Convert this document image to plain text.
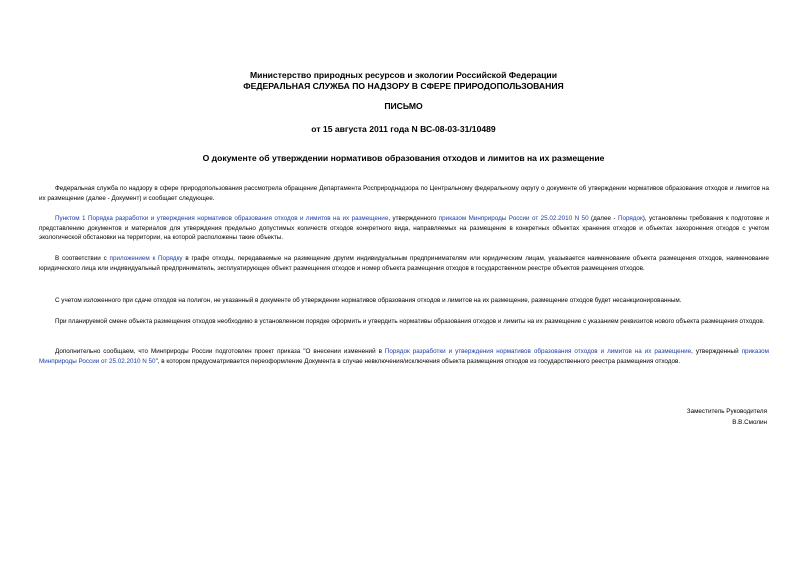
Министерство природных ресурсов и экологии Российской Федерации
ФЕДЕРАЛЬНАЯ СЛУЖБА ПО НАДЗОРУ В СФЕРЕ ПРИРОДОПОЛЬЗОВАНИЯ
ПИСЬМО
от 15 августа 2011 года N ВС-08-03-31/10489
О документе об утверждении нормативов образования отходов и лимитов на их размещение

Федеральная служба по надзору в сфере природопользования рассмотрела обращение Департамента Росприроднадзора по Центральному федеральному округу о документе об утверждении нормативов образования отходов и лимитов на их размещение (далее - Документ) и сообщает следующее.

Пунктом 1 Порядка разработки и утверждения нормативов образования отходов и лимитов на их размещение, утвержденного приказом Минприроды России от 25.02.2010 N 50 (далее - Порядок), установлены требования к подготовке и представлению документов и материалов для утверждения предельно допустимых количеств отходов конкретного вида, направляемых на размещение в конкретных объектах хранения отходов и объектах захоронения отходов с учетом экологической обстановки на территории, на которой расположены такие объекты.

В соответствии с приложением к Порядку в графе отходы, передаваемые на размещение другим индивидуальным предпринимателям или юридическим лицам, указывается наименование объекта размещения отходов, наименование юридического лица или индивидуальный предприниматель, эксплуатирующее объект размещения отходов и номер объекта размещения отходов в государственном реестре объектов размещения отходов.

С учетом изложенного при сдаче отходов на полигон, не указанный в документе об утверждении нормативов образования отходов и лимитов на их размещение, размещение отходов будет несанкционированным.

При планируемой смене объекта размещения отходов необходимо в установленном порядке оформить и утвердить нормативы образования отходов и лимиты на их размещение с указанием реквизитов нового объекта размещения отходов.

Дополнительно сообщаем, что Минприроды России подготовлен проект приказа "О внесении изменений в Порядок разработки и утверждения нормативов образования отходов и лимитов на их размещение, утвержденный приказом Минприроды России от 25.02.2010 N 50", в котором предусматривается переоформление Документа в случае невключения/исключения объекта размещения отходов из государственного реестра размещения отходов.

Заместитель Руководителя
В.В.Смолин
